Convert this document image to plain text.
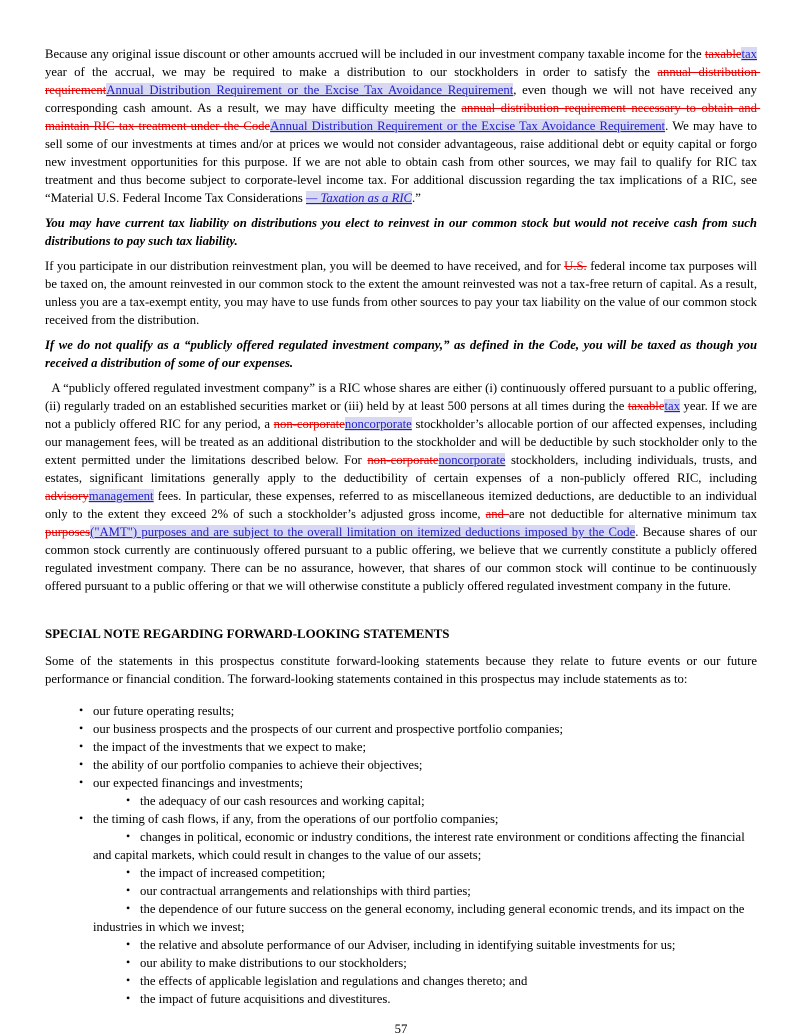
Because any original issue discount or other amounts accrued will be included in our investment company taxable income for the taxabletax year of the accrual, we may be required to make a distribution to our stockholders in order to satisfy the annual distribution requirementAnnual Distribution Requirement or the Excise Tax Avoidance Requirement, even though we will not have received any corresponding cash amount. As a result, we may have difficulty meeting the annual distribution requirement necessary to obtain and maintain RIC tax treatment under the CodeAnnual Distribution Requirement or the Excise Tax Avoidance Requirement. We may have to sell some of our investments at times and/or at prices we would not consider advantageous, raise additional debt or equity capital or forgo new investment opportunities for this purpose. If we are not able to obtain cash from other sources, we may fail to qualify for RIC tax treatment and thus become subject to corporate-level income tax. For additional discussion regarding the tax implications of a RIC, see “Material U.S. Federal Income Tax Considerations — Taxation as a RIC.”

You may have current tax liability on distributions you elect to reinvest in our common stock but would not receive cash from such distributions to pay such tax liability.

If you participate in our distribution reinvestment plan, you will be deemed to have received, and for U.S. federal income tax purposes will be taxed on, the amount reinvested in our common stock to the extent the amount reinvested was not a tax-free return of capital. As a result, unless you are a tax-exempt entity, you may have to use funds from other sources to pay your tax liability on the value of our common stock received from the distribution.

If we do not qualify as a “publicly offered regulated investment company,” as defined in the Code, you will be taxed as though you received a distribution of some of our expenses.

A “publicly offered regulated investment company” is a RIC whose shares are either (i) continuously offered pursuant to a public offering, (ii) regularly traded on an established securities market or (iii) held by at least 500 persons at all times during the taxabletax year. If we are not a publicly offered RIC for any period, a non-corporatenoncorporate stockholder’s allocable portion of our affected expenses, including our management fees, will be treated as an additional distribution to the stockholder and will be deductible by such stockholder only to the extent permitted under the limitations described below. For non-corporatenoncorporate stockholders, including individuals, trusts, and estates, significant limitations generally apply to the deductibility of certain expenses of a non-publicly offered RIC, including advisorymanagement fees. In particular, these expenses, referred to as miscellaneous itemized deductions, are deductible to an individual only to the extent they exceed 2% of such a stockholder’s adjusted gross income, and are not deductible for alternative minimum tax purposes("AMT") purposes and are subject to the overall limitation on itemized deductions imposed by the Code. Because shares of our common stock currently are continuously offered pursuant to a public offering, we believe that we currently constitute a publicly offered regulated investment company. There can be no assurance, however, that shares of our common stock will continue to be continuously offered pursuant to a public offering or that we will otherwise constitute a publicly offered regulated investment company in the future.

SPECIAL NOTE REGARDING FORWARD-LOOKING STATEMENTS

Some of the statements in this prospectus constitute forward-looking statements because they relate to future events or our future performance or financial condition. The forward-looking statements contained in this prospectus may include statements as to:

• our future operating results;
• our business prospects and the prospects of our current and prospective portfolio companies;
• the impact of the investments that we expect to make;
• the ability of our portfolio companies to achieve their objectives;
• our expected financings and investments;
• the adequacy of our cash resources and working capital;
• the timing of cash flows, if any, from the operations of our portfolio companies;
• changes in political, economic or industry conditions, the interest rate environment or conditions affecting the financial and capital markets, which could result in changes to the value of our assets;
• the impact of increased competition;
• our contractual arrangements and relationships with third parties;
• the dependence of our future success on the general economy, including general economic trends, and its impact on the industries in which we invest;
• the relative and absolute performance of our Adviser, including in identifying suitable investments for us;
• our ability to make distributions to our stockholders;
• the effects of applicable legislation and regulations and changes thereto; and
• the impact of future acquisitions and divestitures.
57
